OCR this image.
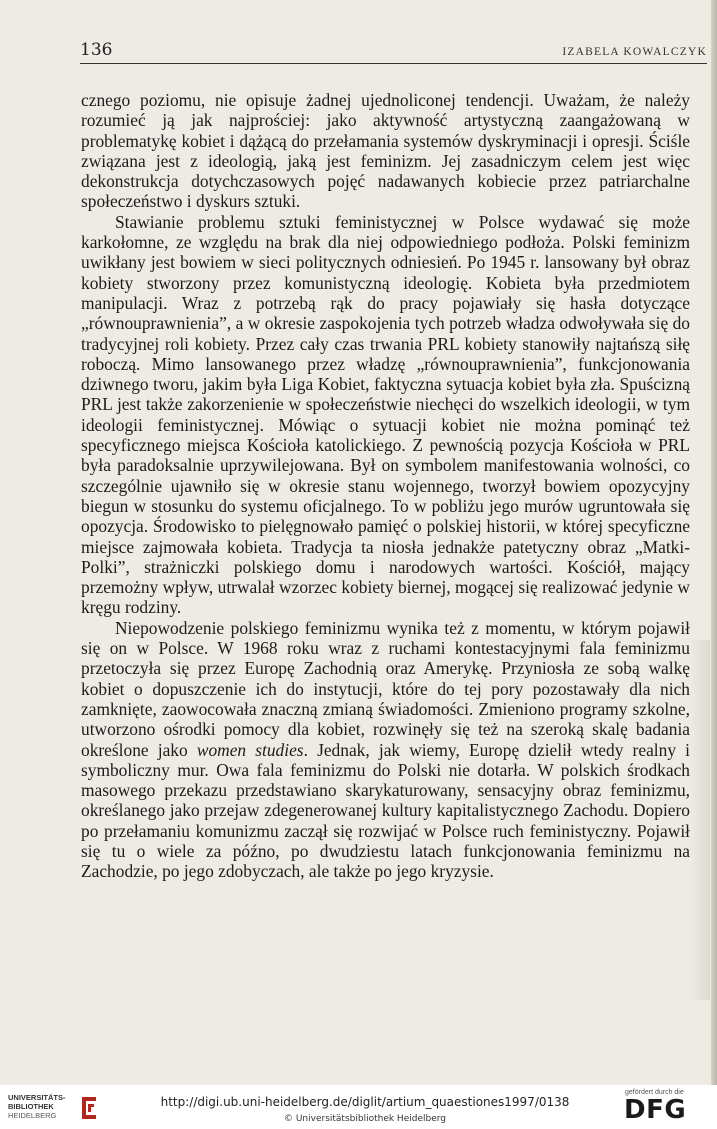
136	IZABELA KOWALCZYK

cznego poziomu, nie opisuje żadnej ujednoliconej tendencji. Uważam, że należy rozumieć ją jak najprościej: jako aktywność artystyczną zaangażowaną w problematykę kobiet i dążącą do przełamania systemów dyskryminacji i opresji. Ściśle związana jest z ideologią, jaką jest feminizm. Jej zasadniczym celem jest więc dekonstrukcja dotychczasowych pojęć nadawanych kobiecie przez patriarchalne społeczeństwo i dyskurs sztuki.

Stawianie problemu sztuki feministycznej w Polsce wydawać się może karkołomne, ze względu na brak dla niej odpowiedniego podłoża. Polski feminizm uwikłany jest bowiem w sieci politycznych odniesień. Po 1945 r. lansowany był obraz kobiety stworzony przez komunistyczną ideologię. Kobieta była przedmiotem manipulacji. Wraz z potrzebą rąk do pracy pojawiały się hasła dotyczące „równouprawnienia”, a w okresie zaspokojenia tych potrzeb władza odwoływała się do tradycyjnej roli kobiety. Przez cały czas trwania PRL kobiety stanowiły najtańszą siłę roboczą. Mimo lansowanego przez władzę „równouprawnienia”, funkcjonowania dziwnego tworu, jakim była Liga Kobiet, faktyczna sytuacja kobiet była zła. Spuścizną PRL jest także zakorzenienie w społeczeństwie niechęci do wszelkich ideologii, w tym ideologii feministycznej. Mówiąc o sytuacji kobiet nie można pominąć też specyficznego miejsca Kościoła katolickiego. Z pewnością pozycja Kościoła w PRL była paradoksalnie uprzywilejowana. Był on symbolem manifestowania wolności, co szczególnie ujawniło się w okresie stanu wojennego, tworzył bowiem opozycyjny biegun w stosunku do systemu oficjalnego. To w pobliżu jego murów ugruntowała się opozycja. Środowisko to pielęgnowało pamięć o polskiej historii, w której specyficzne miejsce zajmowała kobieta. Tradycja ta niosła jednakże patetyczny obraz „Matki-Polki”, strażniczki polskiego domu i narodowych wartości. Kościół, mający przemożny wpływ, utrwalał wzorzec kobiety biernej, mogącej się realizować jedynie w kręgu rodziny.

Niepowodzenie polskiego feminizmu wynika też z momentu, w którym pojawił się on w Polsce. W 1968 roku wraz z ruchami kontestacyjnymi fala feminizmu przetoczyła się przez Europę Zachodnią oraz Amerykę. Przyniosła ze sobą walkę kobiet o dopuszczenie ich do instytucji, które do tej pory pozostawały dla nich zamknięte, zaowocowała znaczną zmianą świadomości. Zmieniono programy szkolne, utworzono ośrodki pomocy dla kobiet, rozwinęły się też na szeroką skalę badania określone jako women studies. Jednak, jak wiemy, Europę dzielił wtedy realny i symboliczny mur. Owa fala feminizmu do Polski nie dotarła. W polskich środkach masowego przekazu przedstawiano skarykaturowany, sensacyjny obraz feminizmu, określanego jako przejaw zdegenerowanej kultury kapitalistycznego Zachodu. Dopiero po przełamaniu komunizmu zaczął się rozwijać w Polsce ruch feministyczny. Pojawił się tu o wiele za późno, po dwudziestu latach funkcjonowania feminizmu na Zachodzie, po jego zdobyczach, ale także po jego kryzysie.

UNIVERSITÄTS-
BIBLIOTHEK
HEIDELBERG
http://digi.ub.uni-heidelberg.de/diglit/artium_quaestiones1997/0138
© Universitätsbibliothek Heidelberg
gefördert durch die
DFG
